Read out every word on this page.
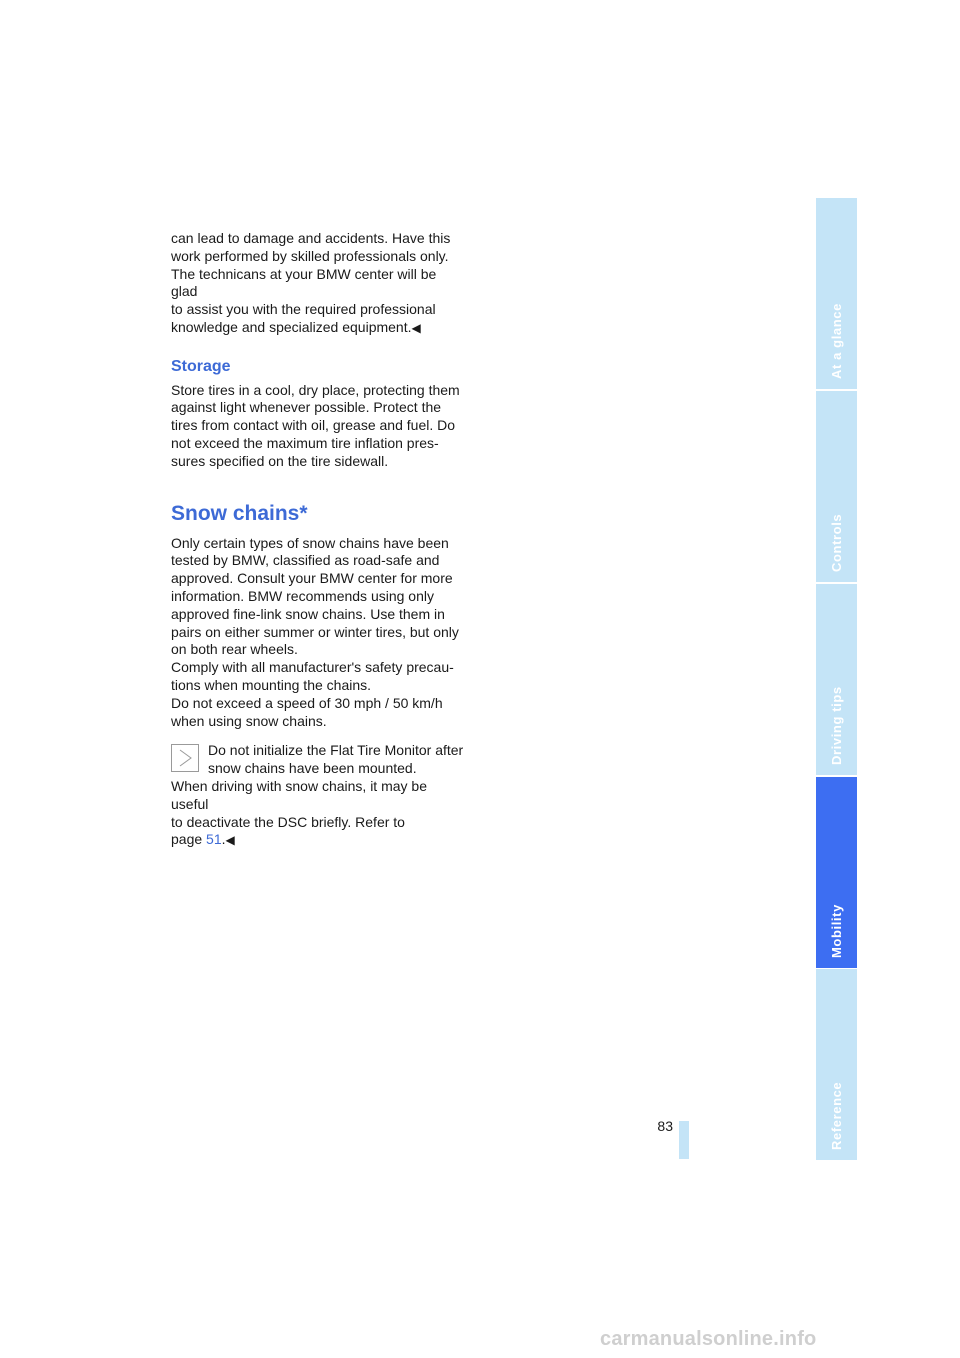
can lead to damage and accidents. Have this
work performed by skilled professionals only.
The technicans at your BMW center will be glad
to assist you with the required professional
knowledge and specialized equipment.◀

Storage

Store tires in a cool, dry place, protecting them
against light whenever possible. Protect the
tires from contact with oil, grease and fuel. Do
not exceed the maximum tire inflation pres-
sures specified on the tire sidewall.

Snow chains*

Only certain types of snow chains have been
tested by BMW, classified as road-safe and
approved. Consult your BMW center for more
information. BMW recommends using only
approved fine-link snow chains. Use them in
pairs on either summer or winter tires, but only
on both rear wheels.
Comply with all manufacturer's safety precau-
tions when mounting the chains.
Do not exceed a speed of 30 mph / 50 km/h
when using snow chains.

Do not initialize the Flat Tire Monitor after
snow chains have been mounted.

When driving with snow chains, it may be useful
to deactivate the DSC briefly. Refer to
page 51.◀

At a glance
Controls
Driving tips
Mobility
Reference
83
carmanualsonline.info
